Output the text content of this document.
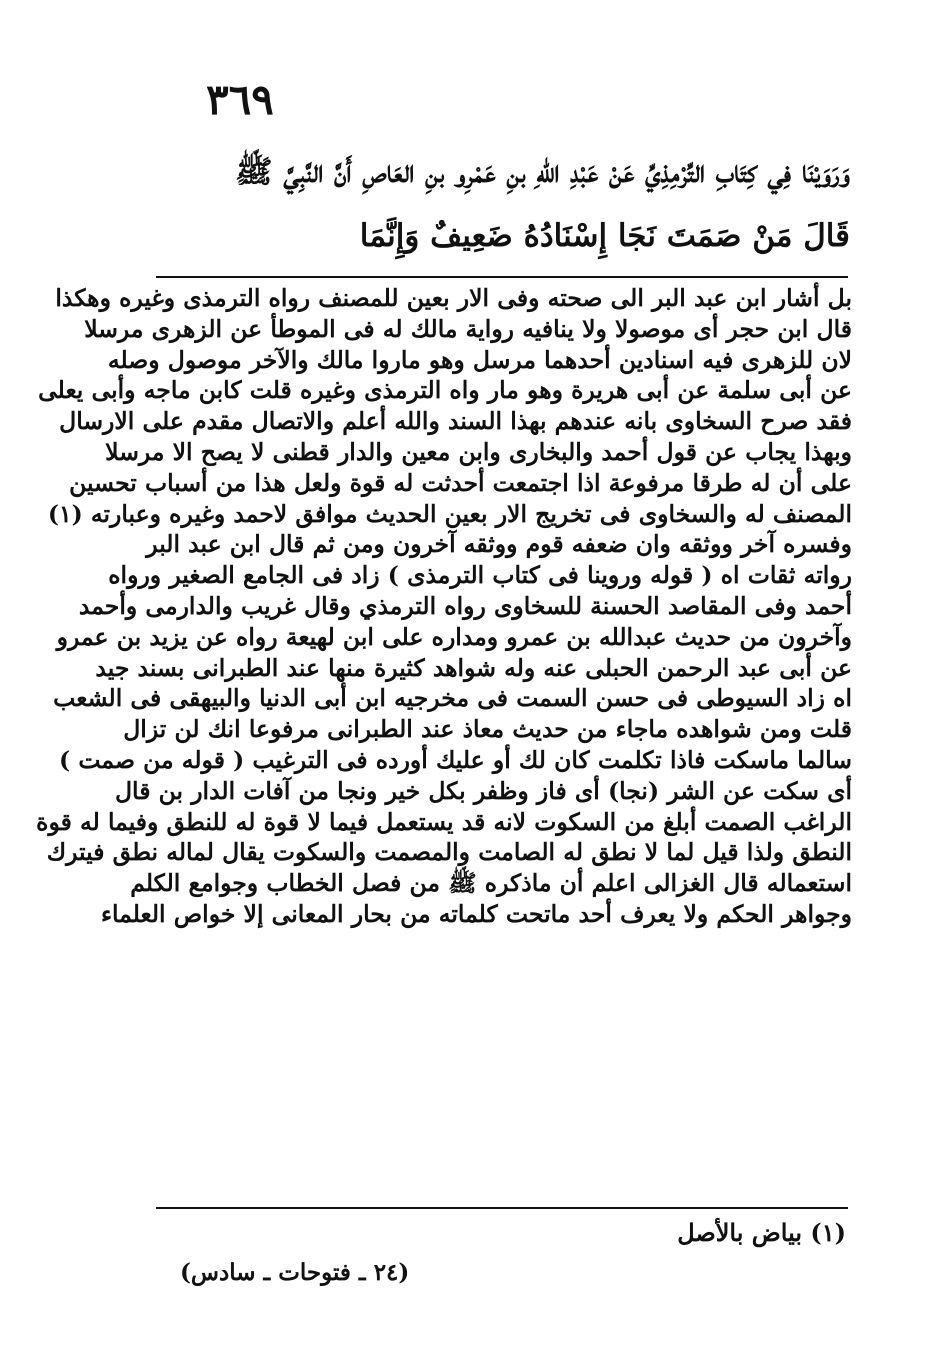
٣٦٩
وَرَوَيْنَا فِي كِتَابِ التِّرْمِذِيِّ عَنْ عَبْدِ اللهِ بنِ عَمْرِو بنِ العَاصِ أَنَّ النَّبِيَّ ﷺ
قَالَ مَنْ صَمَتَ نَجَا إِسْنَادُهُ ضَعِيفٌ وَإِنَّمَا
بل أشار ابن عبد البر الى صحته وفى الار بعين للمصنف رواه الترمذى وغيره وهكذا
قال ابن حجر أى موصولا ولا ينافيه رواية مالك له فى الموطأ عن الزهرى مرسلا
لان للزهرى فيه اسنادين أحدهما مرسل وهو ماروا مالك والآخر موصول وصله
عن أبى سلمة عن أبى هريرة وهو مار واه الترمذى وغيره قلت كابن ماجه وأبى يعلى
فقد صرح السخاوى بانه عندهم بهذا السند والله أعلم والاتصال مقدم على الارسال
وبهذا يجاب عن قول أحمد والبخارى وابن معين والدار قطنى لا يصح الا مرسلا
على أن له طرقا مرفوعة اذا اجتمعت أحدثت له قوة ولعل هذا من أسباب تحسين
المصنف له والسخاوى فى تخريج الار بعين الحديث موافق لاحمد وغيره وعبارته (١)
وفسره آخر ووثقه وان ضعفه قوم ووثقه آخرون ومن ثم قال ابن عبد البر
رواته ثقات اه ( قوله وروينا فى كتاب الترمذى ) زاد فى الجامع الصغير ورواه
أحمد وفى المقاصد الحسنة للسخاوى رواه الترمذي وقال غريب والدارمى وأحمد
وآخرون من حديث عبدالله بن عمرو ومداره على ابن لهيعة رواه عن يزيد بن عمرو
عن أبى عبد الرحمن الحبلى عنه وله شواهد كثيرة منها عند الطبرانى بسند جيد
اه زاد السيوطى فى حسن السمت فى مخرجيه ابن أبى الدنيا والبيهقى فى الشعب
قلت ومن شواهده ماجاء من حديث معاذ عند الطبرانى مرفوعا انك لن تزال
سالما ماسكت فاذا تكلمت كان لك أو عليك أورده فى الترغيب ( قوله من صمت )
أى سكت عن الشر (نجا) أى فاز وظفر بكل خير ونجا من آفات الدار بن قال
الراغب الصمت أبلغ من السكوت لانه قد يستعمل فيما لا قوة له للنطق وفيما له قوة
النطق ولذا قيل لما لا نطق له الصامت والمصمت والسكوت يقال لماله نطق فيترك
استعماله قال الغزالى اعلم أن ماذكره ﷺ من فصل الخطاب وجوامع الكلم
وجواهر الحكم ولا يعرف أحد ماتحت كلماته من بحار المعانى إلا خواص العلماء
(١) بياض بالأصل
(٢٤ ـ فتوحات ـ سادس)
